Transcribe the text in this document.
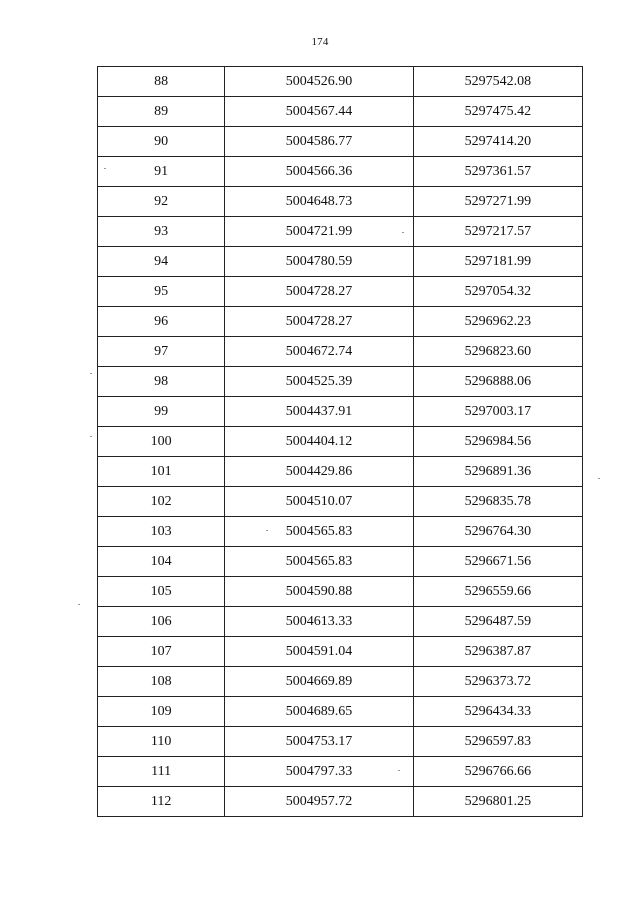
174
88	5004526.90	5297542.08
89	5004567.44	5297475.42
90	5004586.77	5297414.20
91	5004566.36	5297361.57
92	5004648.73	5297271.99
93	5004721.99	5297217.57
94	5004780.59	5297181.99
95	5004728.27	5297054.32
96	5004728.27	5296962.23
97	5004672.74	5296823.60
98	5004525.39	5296888.06
99	5004437.91	5297003.17
100	5004404.12	5296984.56
101	5004429.86	5296891.36
102	5004510.07	5296835.78
103	5004565.83	5296764.30
104	5004565.83	5296671.56
105	5004590.88	5296559.66
106	5004613.33	5296487.59
107	5004591.04	5296387.87
108	5004669.89	5296373.72
109	5004689.65	5296434.33
110	5004753.17	5296597.83
111	5004797.33	5296766.66
112	5004957.72	5296801.25
